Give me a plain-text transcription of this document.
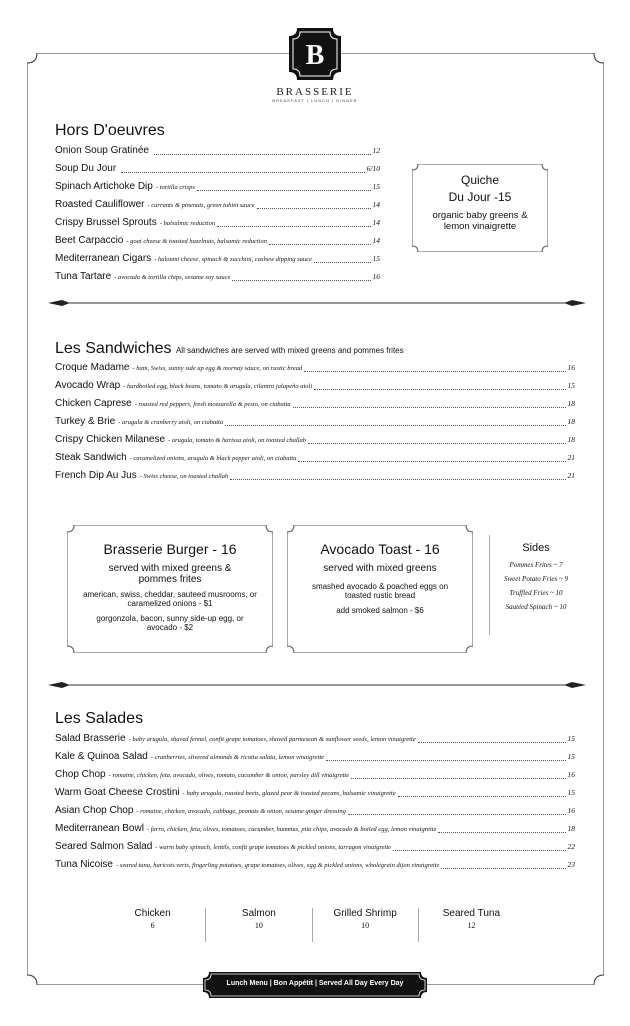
B
BRASSERIE
BREAKFAST | LUNCH | DINNER
Hors D'oeuvres
Onion Soup Gratinée	12
Soup Du Jour	6/10
Spinach Artichoke Dip - tortilla crisps	15
Roasted Cauliflower - currants & pinenuts, green tahini sauce	14
Crispy Brussel Sprouts - balsalmic reduction	14
Beet Carpaccio - goat cheese & toasted hazelnuts, balsamic reduction	14
Mediterranean Cigars - haloumi cheese, spinach & zucchini, cashew dipping sauce	15
Tuna Tartare - avocado & tortilla chips, sesame soy sauce	16
Quiche
Du Jour -15
organic baby greens & lemon vinaigrette
Les Sandwiches All sandwiches are served with mixed greens and pommes frites
Croque Madame - ham, Swiss, sunny side up egg & mornay sauce, on rustic bread	16
Avocado Wrap - hardboiled egg, black beans, tomato & arugula, cilantro jalapeño aioli	15
Chicken Caprese - roasted red peppers, fresh mozzarella & pesto, on ciabatta	18
Turkey & Brie - arugula & cranberry aioli, on ciabatta	18
Crispy Chicken Milanese - arugula, tomato & harissa aioli, on toasted challah	18
Steak Sandwich - caramelized onions, arugula & black pepper aioli, on ciabatta	21
French Dip Au Jus - Swiss cheese, on toasted challah	21
Brasserie Burger - 16
served with mixed greens & pommes frites
american, swiss, cheddar, sauteed musrooms, or caramelized onions - $1
gorgonzola, bacon, sunny side-up egg, or avocado - $2
Avocado Toast - 16
served with mixed greens
smashed avocado & poached eggs on toasted rustic bread
add smoked salmon - $6
Sides
Pommes Frites ~ 7
Sweet Potato Fries ~ 9
Truffled Fries ~ 10
Sautéed Spinach ~ 10
Les Salades
Salad Brasserie - baby arugula, shaved fennel, confit grape tomatoes, shaved parmesean & sunflower seeds, lemon vinaigrette	15
Kale & Quinoa Salad - cranberries, slivered almonds & ricotta salata, lemon vinaigrette	15
Chop Chop - romaine, chicken, feta, avocado, olives, tomato, cucumber & onion, parsley dill vinaigrette	16
Warm Goat Cheese Crostini - baby arugula, roasted beets, glazed pear & toasted pecans, balsamic vinaigrette	15
Asian Chop Chop - romaine, chicken, avocado, cabbage, peanuts & onion, sesame ginger dressing	16
Mediterranean Bowl - farro, chicken, feta, olives, tomatoes, cucumber, hummus, pita chips, avocado & boiled egg, lemon vinaigrette	18
Seared Salmon Salad - warm baby spinach, lentils, confit grape tomatoes & pickled onions, tarragon vinaigrette	22
Tuna Nicoise - seared tuna, haricots verts, fingerling potatoes, grape tomatoes, olives, egg & pickled onions, wholegrain dijon vinaigrette	23
Chicken
6
Salmon
10
Grilled Shrimp
10
Seared Tuna
12
Lunch Menu | Bon Appétit | Served All Day Every Day
